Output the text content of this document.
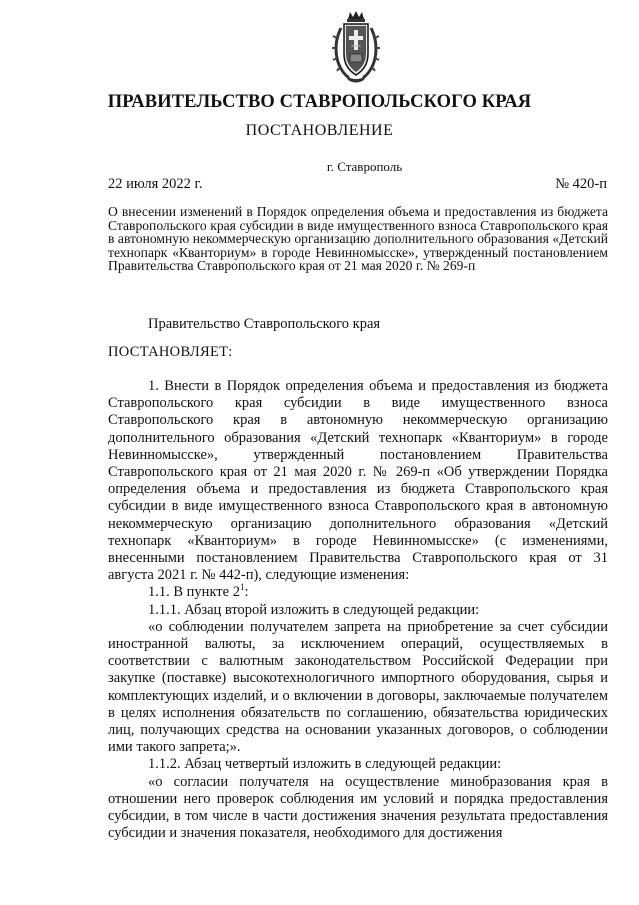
ПРАВИТЕЛЬСТВО СТАВРОПОЛЬСКОГО КРАЯ
ПОСТАНОВЛЕНИЕ
г. Ставрополь
22 июля 2022 г.	№ 420-п
О внесении изменений в Порядок определения объема и предоставления из бюджета Ставропольского края субсидии в виде имущественного взноса Ставропольского края в автономную некоммерческую организацию дополнительного образования «Детский технопарк «Кванториум» в городе Невинномысске», утвержденный постановлением Правительства Ставропольского края от 21 мая 2020 г. № 269-п
Правительство Ставропольского края
ПОСТАНОВЛЯЕТ:

1. Внести в Порядок определения объема и предоставления из бюджета Ставропольского края субсидии в виде имущественного взноса Ставропольского края в автономную некоммерческую организацию дополнительного образования «Детский технопарк «Кванториум» в городе Невинномысске», утвержденный постановлением Правительства Ставропольского края от 21 мая 2020 г. № 269-п «Об утверждении Порядка определения объема и предоставления из бюджета Ставропольского края субсидии в виде имущественного взноса Ставропольского края в автономную некоммерческую организацию дополнительного образования «Детский технопарк «Кванториум» в городе Невинномысске» (с изменениями, внесенными постановлением Правительства Ставропольского края от 31 августа 2021 г. № 442-п), следующие изменения:

1.1. В пункте $2^1$:

1.1.1. Абзац второй изложить в следующей редакции:

«о соблюдении получателем запрета на приобретение за счет субсидии иностранной валюты, за исключением операций, осуществляемых в соответствии с валютным законодательством Российской Федерации при закупке (поставке) высокотехнологичного импортного оборудования, сырья и комплектующих изделий, и о включении в договоры, заключаемые получателем в целях исполнения обязательств по соглашению, обязательства юридических лиц, получающих средства на основании указанных договоров, о соблюдении ими такого запрета;».

1.1.2. Абзац четвертый изложить в следующей редакции:

«о согласии получателя на осуществление минобразования края в отношении него проверок соблюдения им условий и порядка предоставления субсидии, в том числе в части достижения значения результата предоставления субсидии и значения показателя, необходимого для достижения
